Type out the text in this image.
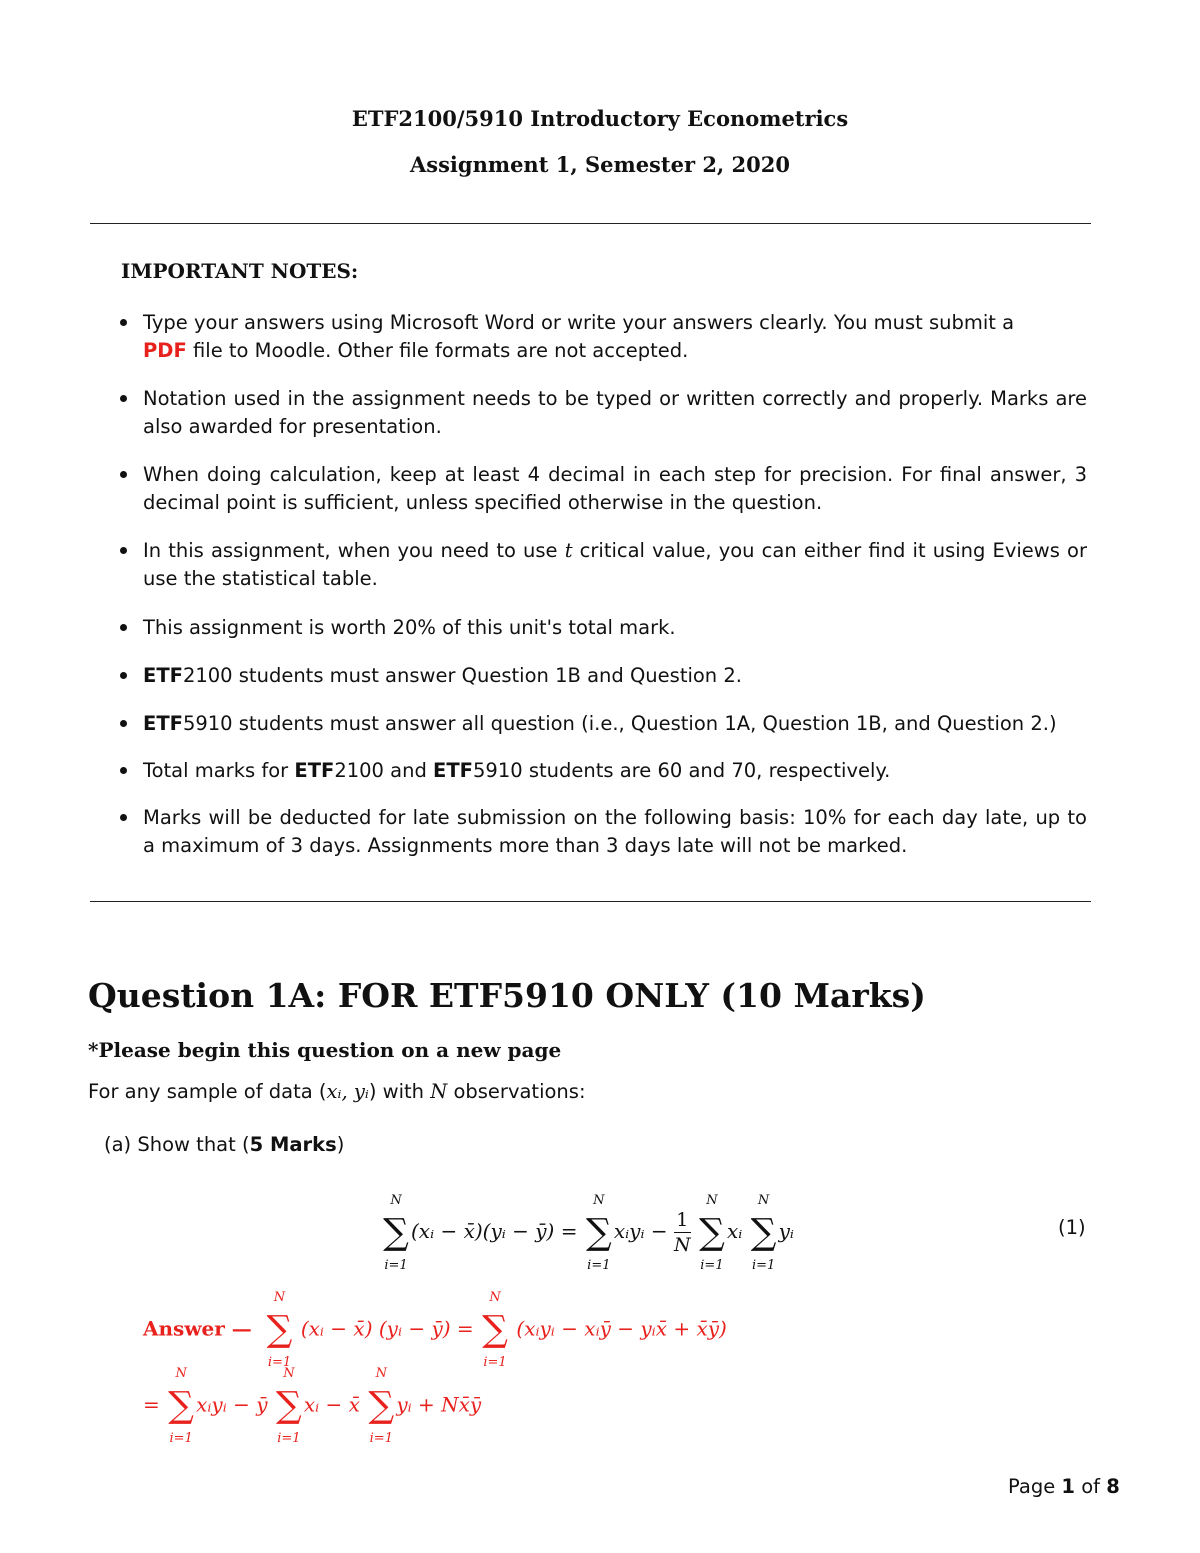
ETF2100/5910 Introductory Econometrics
Assignment 1, Semester 2, 2020
IMPORTANT NOTES:
Type your answers using Microsoft Word or write your answers clearly. You must submit a
PDF file to Moodle. Other file formats are not accepted.
Notation used in the assignment needs to be typed or written correctly and properly. Marks are also awarded for presentation.
When doing calculation, keep at least 4 decimal in each step for precision. For final answer, 3 decimal point is sufficient, unless specified otherwise in the question.
In this assignment, when you need to use t critical value, you can either find it using Eviews or use the statistical table.
This assignment is worth 20% of this unit's total mark.
ETF2100 students must answer Question 1B and Question 2.
ETF5910 students must answer all question (i.e., Question 1A, Question 1B, and Question 2.)
Total marks for ETF2100 and ETF5910 students are 60 and 70, respectively.
Marks will be deducted for late submission on the following basis: 10% for each day late, up to a maximum of 3 days. Assignments more than 3 days late will not be marked.
Question 1A: FOR ETF5910 ONLY (10 Marks)
*Please begin this question on a new page
For any sample of data (xᵢ, yᵢ) with N observations:
(a) Show that (5 Marks)
N
∑
i=1
(xᵢ − x̄)(yᵢ − ȳ) =
N
∑
i=1
xᵢyᵢ − $\frac{1}{N}$

N
∑
i=1
xᵢ
N
∑
i=1
yᵢ	(1)
Answer —
N
∑
i=1
(xᵢ − x̄) (yᵢ − ȳ) =
N
∑
i=1
(xᵢyᵢ − xᵢȳ − yᵢx̄ + x̄ȳ)
=
N
∑
i=1
xᵢyᵢ − ȳ
N
∑
i=1
xᵢ − x̄
N
∑
i=1
yᵢ + Nx̄ȳ
Page 1 of 8
